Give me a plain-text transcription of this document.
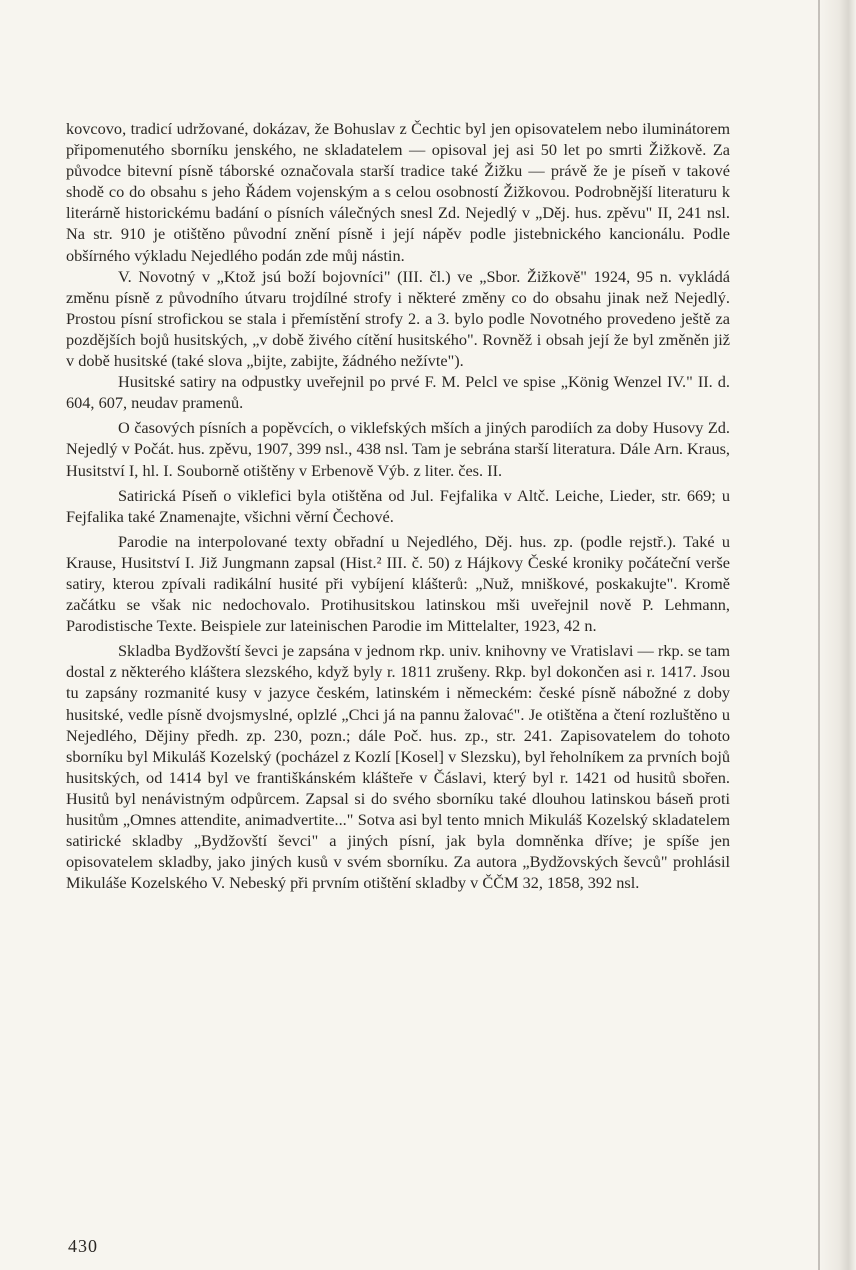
kovcovo, tradicí udržované, dokázav, že Bohuslav z Čechtic byl jen opisovatelem nebo iluminátorem připomenutého sborníku jenského, ne skladatelem — opisoval jej asi 50 let po smrti Žižkově. Za původce bitevní písně táborské označovala starší tradice také Žižku — právě že je píseň v takové shodě co do obsahu s jeho Řádem vojenským a s celou osobností Žižkovou. Podrobnější literaturu k literárně historickému badání o písních válečných snesl Zd. Nejedlý v „Děj. hus. zpěvu" II, 241 nsl. Na str. 910 je otištěno původní znění písně i její nápěv podle jistebnického kancionálu. Podle obšírného výkladu Nejedlého podán zde můj nástin.

V. Novotný v „Ktož jsú boží bojovníci" (III. čl.) ve „Sbor. Žižkově" 1924, 95 n. vykládá změnu písně z původního útvaru trojdílné strofy i některé změny co do obsahu jinak než Nejedlý. Prostou písní strofickou se stala i přemístění strofy 2. a 3. bylo podle Novotného provedeno ještě za pozdějších bojů husitských, „v době živého cítění husitského". Rovněž i obsah její že byl změněn již v době husitské (také slova „bijte, zabijte, žádného nežívte").

Husitské satiry na odpustky uveřejnil po prvé F. M. Pelcl ve spise „König Wenzel IV." II. d. 604, 607, neudav pramenů.

O časových písních a popěvcích, o viklefských mších a jiných parodiích za doby Husovy Zd. Nejedlý v Počát. hus. zpěvu, 1907, 399 nsl., 438 nsl. Tam je sebrána starší literatura. Dále Arn. Kraus, Husitství I, hl. I. Souborně otištěny v Erbenově Výb. z liter. čes. II.

Satirická Píseň o viklefici byla otištěna od Jul. Fejfalika v Altč. Leiche, Lieder, str. 669; u Fejfalika také Znamenajte, všichni věrní Čechové.

Parodie na interpolované texty obřadní u Nejedlého, Děj. hus. zp. (podle rejstř.). Také u Krause, Husitství I. Již Jungmann zapsal (Hist.² III. č. 50) z Hájkovy České kroniky počáteční verše satiry, kterou zpívali radikální husité při vybíjení klášterů: „Nuž, mniškové, poskakujte". Kromě začátku se však nic nedochovalo. Protihusitskou latinskou mši uveřejnil nově P. Lehmann, Parodistische Texte. Beispiele zur lateinischen Parodie im Mittelalter, 1923, 42 n.

Skladba Bydžovští ševci je zapsána v jednom rkp. univ. knihovny ve Vratislavi — rkp. se tam dostal z některého kláštera slezského, když byly r. 1811 zrušeny. Rkp. byl dokončen asi r. 1417. Jsou tu zapsány rozmanité kusy v jazyce českém, latinském i německém: české písně nábožné z doby husitské, vedle písně dvojsmyslné, oplzlé „Chci já na pannu žalovać". Je otištěna a čtení rozluštěno u Nejedlého, Dějiny předh. zp. 230, pozn.; dále Poč. hus. zp., str. 241. Zapisovatelem do tohoto sborníku byl Mikuláš Kozelský (pocházel z Kozlí [Kosel] v Slezsku), byl řeholníkem za prvních bojů husitských, od 1414 byl ve františkánském klášteře v Čáslavi, který byl r. 1421 od husitů sbořen. Husitů byl nenávistným odpůrcem. Zapsal si do svého sborníku také dlouhou latinskou báseň proti husitům „Omnes attendite, animadvertite..." Sotva asi byl tento mnich Mikuláš Kozelský skladatelem satirické skladby „Bydžovští ševci" a jiných písní, jak byla domněnka dříve; je spíše jen opisovatelem skladby, jako jiných kusů v svém sborníku. Za autora „Bydžovských ševců" prohlásil Mikuláše Kozelského V. Nebeský při prvním otištění skladby v ČČM 32, 1858, 392 nsl.

430
